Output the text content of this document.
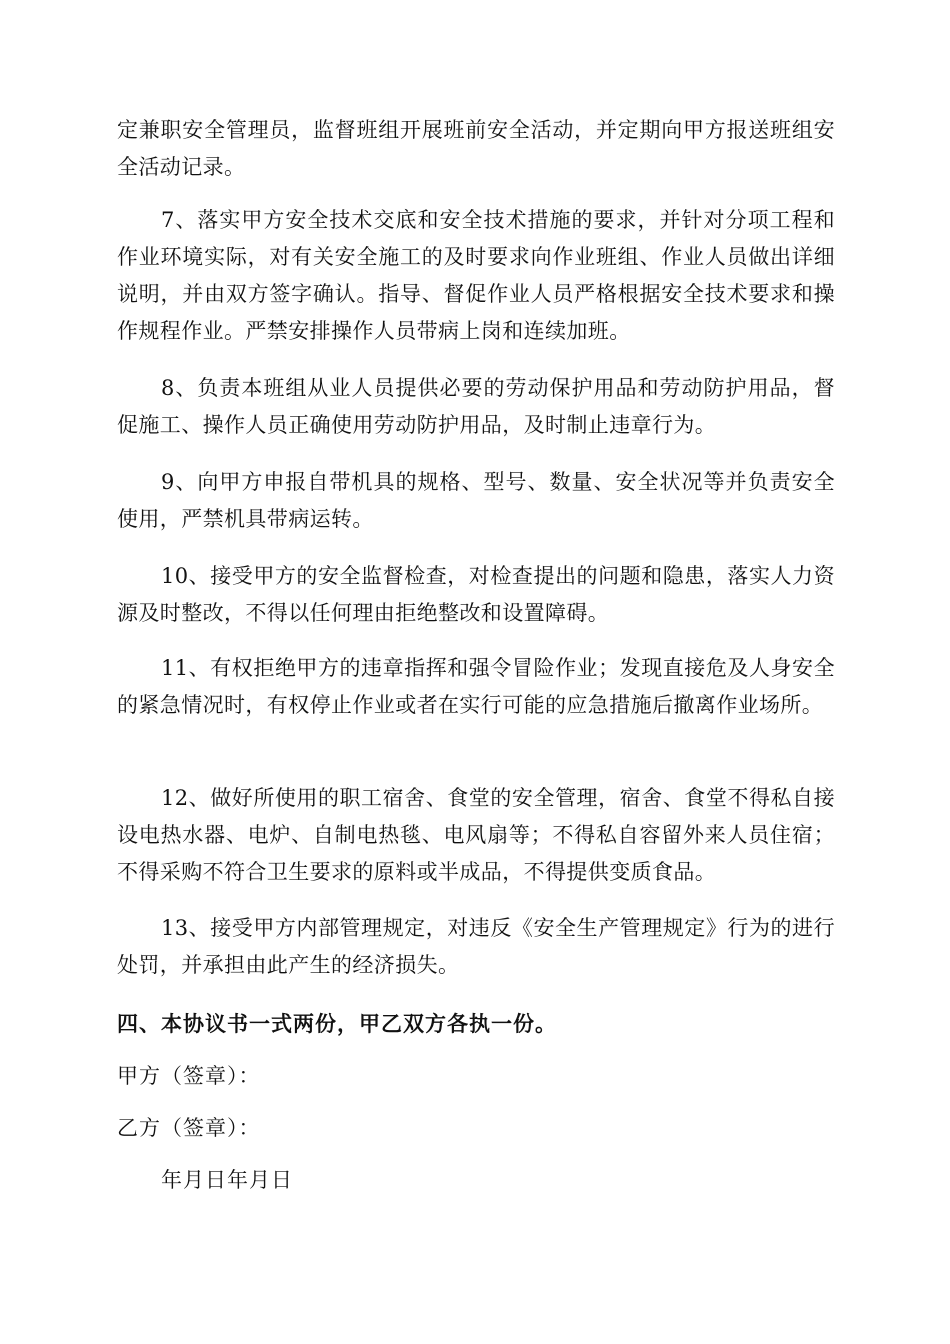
定兼职安全管理员，监督班组开展班前安全活动，并定期向甲方报送班组安全活动记录。

7、落实甲方安全技术交底和安全技术措施的要求，并针对分项工程和作业环境实际，对有关安全施工的及时要求向作业班组、作业人员做出详细说明，并由双方签字确认。指导、督促作业人员严格根据安全技术要求和操作规程作业。严禁安排操作人员带病上岗和连续加班。

8、负责本班组从业人员提供必要的劳动保护用品和劳动防护用品，督促施工、操作人员正确使用劳动防护用品，及时制止违章行为。

9、向甲方申报自带机具的规格、型号、数量、安全状况等并负责安全使用，严禁机具带病运转。

10、接受甲方的安全监督检查，对检查提出的问题和隐患，落实人力资源及时整改，不得以任何理由拒绝整改和设置障碍。

11、有权拒绝甲方的违章指挥和强令冒险作业；发现直接危及人身安全的紧急情况时，有权停止作业或者在实行可能的应急措施后撤离作业场所。

12、做好所使用的职工宿舍、食堂的安全管理，宿舍、食堂不得私自接设电热水器、电炉、自制电热毯、电风扇等；不得私自容留外来人员住宿；不得采购不符合卫生要求的原料或半成品，不得提供变质食品。

13、接受甲方内部管理规定，对违反《安全生产管理规定》行为的进行处罚，并承担由此产生的经济损失。

四、本协议书一式两份，甲乙双方各执一份。

甲方（签章）：

乙方（签章）：

年月日年月日
